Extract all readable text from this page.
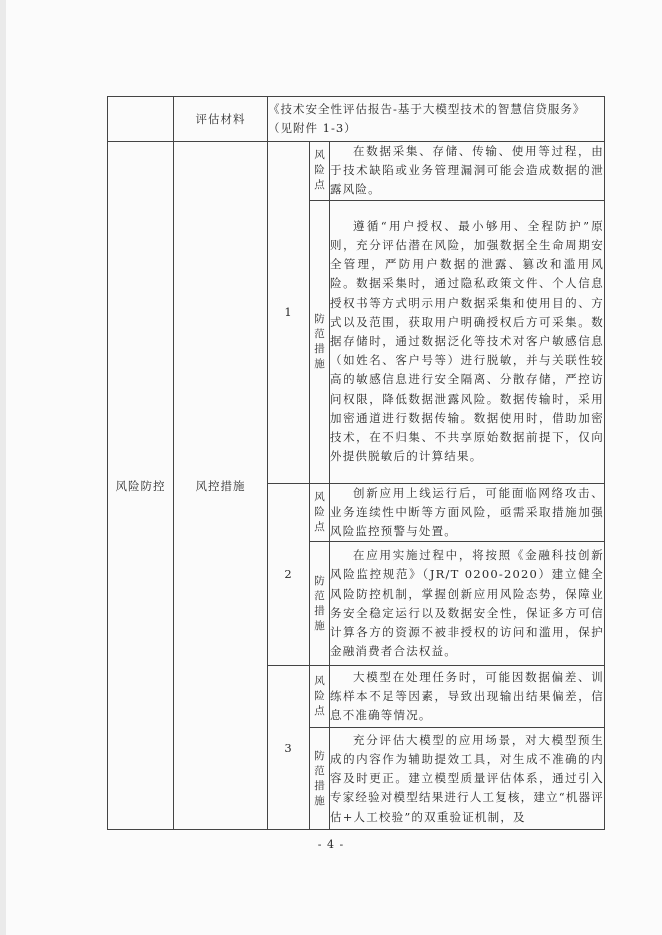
	评估材料	《技术安全性评估报告-基于大模型技术的智慧信贷服务》（见附件 1-3）		
风险防控	风控措施	1	风险点	在数据采集、存储、传输、使用等过程，由于技术缺陷或业务管理漏洞可能会造成数据的泄露风险。

			防范措施	遵循“用户授权、最小够用、全程防护”原则，充分评估潜在风险，加强数据全生命周期安全管理，严防用户数据的泄露、篡改和滥用风险。数据采集时，通过隐私政策文件、个人信息授权书等方式明示用户数据采集和使用目的、方式以及范围，获取用户明确授权后方可采集。数据存储时，通过数据泛化等技术对客户敏感信息（如姓名、客户号等）进行脱敏，并与关联性较高的敏感信息进行安全隔离、分散存储，严控访问权限，降低数据泄露风险。数据传输时，采用加密通道进行数据传输。数据使用时，借助加密技术，在不归集、不共享原始数据前提下，仅向外提供脱敏后的计算结果。

		2	风险点	创新应用上线运行后，可能面临网络攻击、业务连续性中断等方面风险，亟需采取措施加强风险监控预警与处置。

			防范措施	在应用实施过程中，将按照《金融科技创新风险监控规范》（JR/T 0200-2020）建立健全风险防控机制，掌握创新应用风险态势，保障业务安全稳定运行以及数据安全性，保证多方可信计算各方的资源不被非授权的访问和滥用，保护金融消费者合法权益。

		3	风险点	大模型在处理任务时，可能因数据偏差、训练样本不足等因素，导致出现输出结果偏差，信息不准确等情况。

			防范措施	充分评估大模型的应用场景，对大模型预生成的内容作为辅助提效工具，对生成不准确的内容及时更正。建立模型质量评估体系，通过引入专家经验对模型结果进行人工复核，建立“机器评估+人工校验”的双重验证机制，及
- 4 -
